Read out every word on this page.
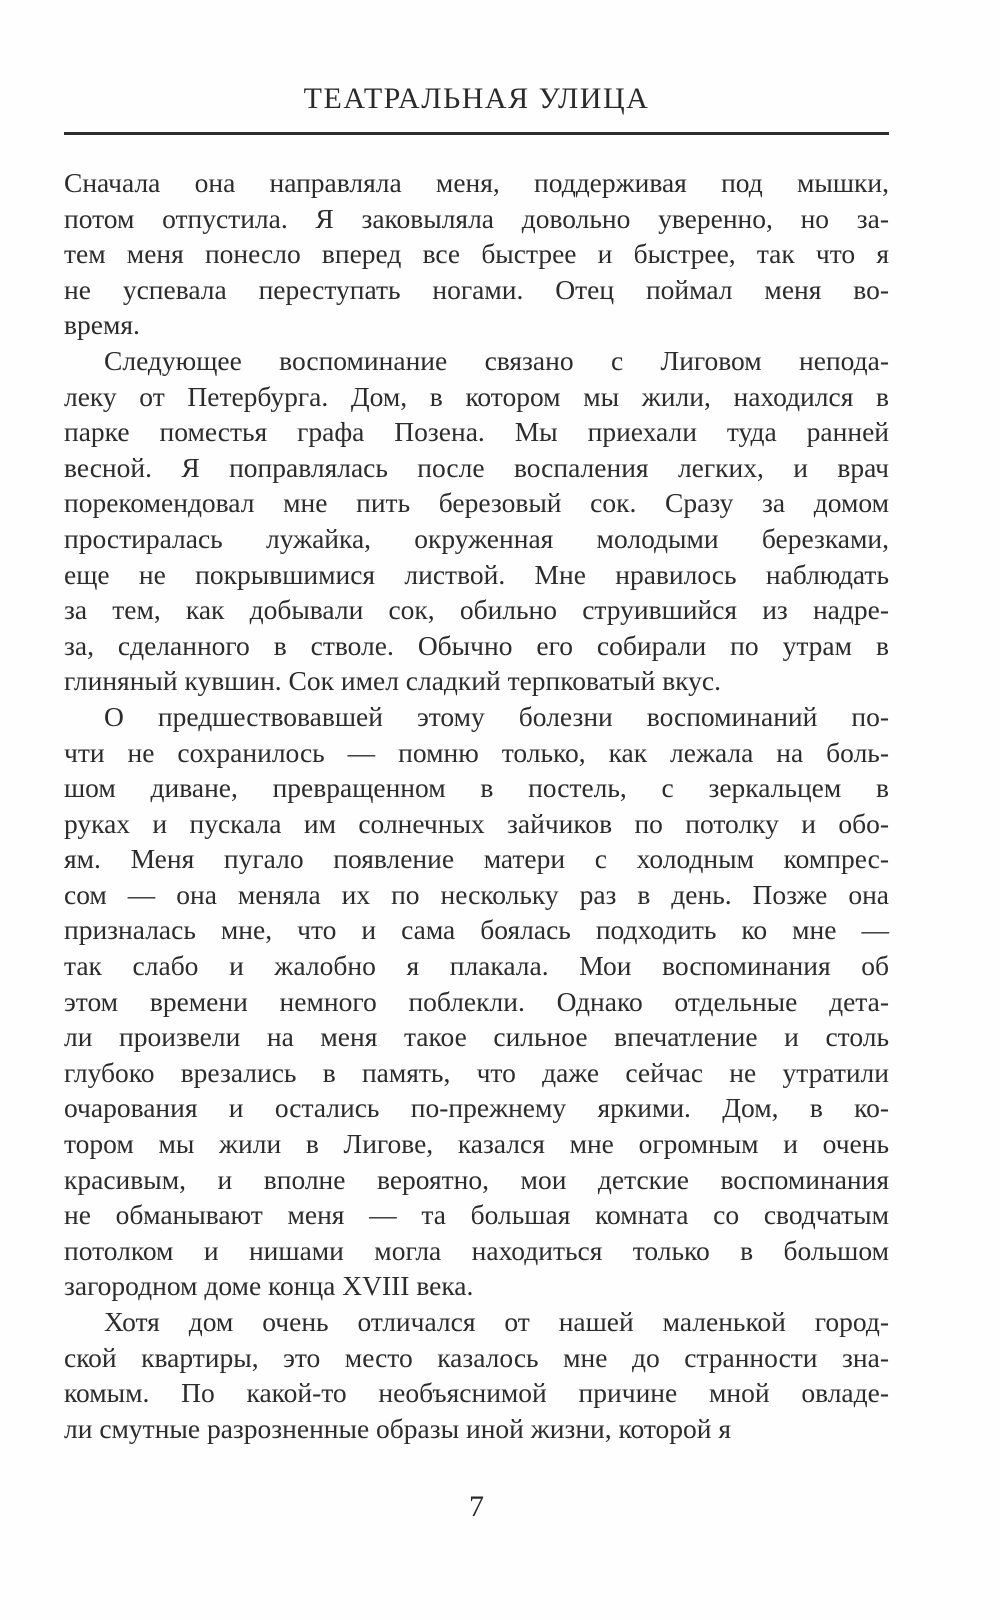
ТЕАТРАЛЬНАЯ УЛИЦА
Сначала она направляла меня, поддерживая под мышки,
потом отпустила. Я заковыляла довольно уверенно, но за-
тем меня понесло вперед все быстрее и быстрее, так что я
не успевала переступать ногами. Отец поймал меня во-
время.
Следующее воспоминание связано с Лиговом непода-
леку от Петербурга. Дом, в котором мы жили, находился в
парке поместья графа Позена. Мы приехали туда ранней
весной. Я поправлялась после воспаления легких, и врач
порекомендовал мне пить березовый сок. Сразу за домом
простиралась лужайка, окруженная молодыми березками,
еще не покрывшимися листвой. Мне нравилось наблюдать
за тем, как добывали сок, обильно струившийся из надре-
за, сделанного в стволе. Обычно его собирали по утрам в
глиняный кувшин. Сок имел сладкий терпковатый вкус.
О предшествовавшей этому болезни воспоминаний по-
чти не сохранилось — помню только, как лежала на боль-
шом диване, превращенном в постель, с зеркальцем в
руках и пускала им солнечных зайчиков по потолку и обо-
ям. Меня пугало появление матери с холодным компрес-
сом — она меняла их по нескольку раз в день. Позже она
призналась мне, что и сама боялась подходить ко мне —
так слабо и жалобно я плакала. Мои воспоминания об
этом времени немного поблекли. Однако отдельные дета-
ли произвели на меня такое сильное впечатление и столь
глубоко врезались в память, что даже сейчас не утратили
очарования и остались по-прежнему яркими. Дом, в ко-
тором мы жили в Лигове, казался мне огромным и очень
красивым, и вполне вероятно, мои детские воспоминания
не обманывают меня — та большая комната со сводчатым
потолком и нишами могла находиться только в большом
загородном доме конца XVIII века.
Хотя дом очень отличался от нашей маленькой город-
ской квартиры, это место казалось мне до странности зна-
комым. По какой-то необъяснимой причине мной овладе-
ли смутные разрозненные образы иной жизни, которой я
7
